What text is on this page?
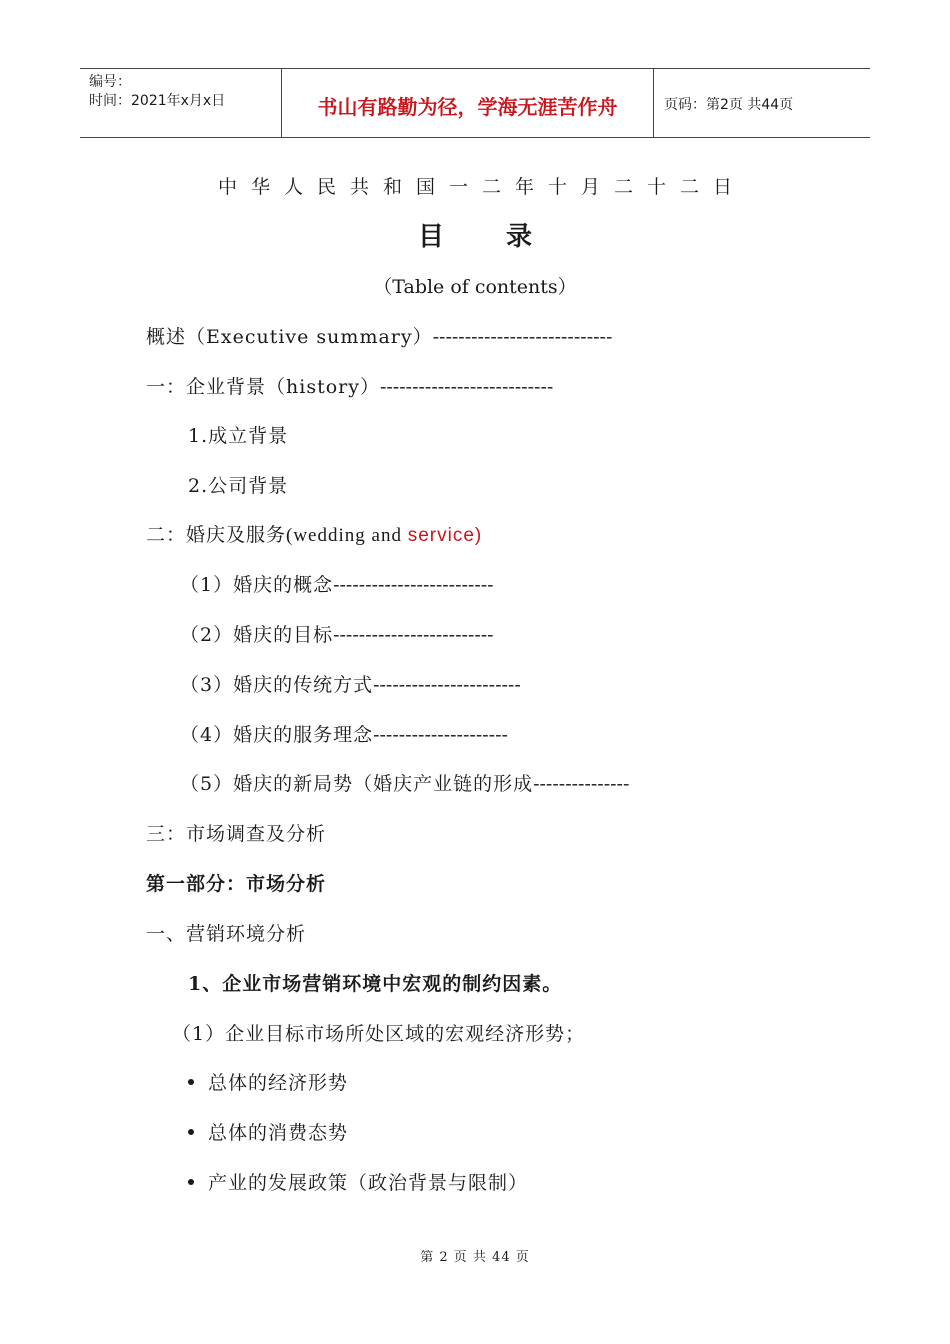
编号：
时间：2021年x月x日	书山有路勤为径，学海无涯苦作舟	页码：第2页 共44页
中华人民共和国一二年十月二十二日
目 录
（Table of contents）
概述（Executive summary）----------------------------
一：企业背景（history）---------------------------
1.成立背景
2.公司背景
二：婚庆及服务(wedding and service)
（1）婚庆的概念-------------------------
（2）婚庆的目标-------------------------
（3）婚庆的传统方式-----------------------
（4）婚庆的服务理念---------------------
（5）婚庆的新局势（婚庆产业链的形成---------------
三：市场调查及分析
第一部分：市场分析
一、营销环境分析
1、企业市场营销环境中宏观的制约因素。
（1）企业目标市场所处区域的宏观经济形势；
总体的经济形势
总体的消费态势
产业的发展政策（政治背景与限制）
第 2 页 共 44 页
